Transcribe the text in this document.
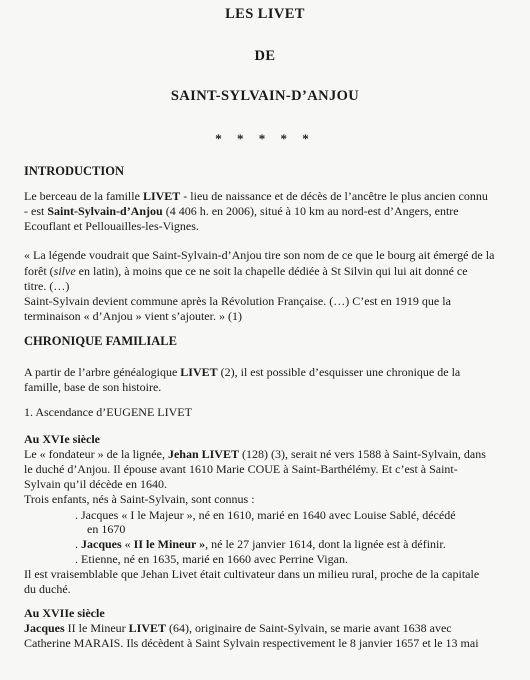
LES LIVET
DE
SAINT-SYLVAIN-D’ANJOU
* * * * *
INTRODUCTION
Le berceau de la famille LIVET - lieu de naissance et de décès de l’ancêtre le plus ancien connu
- est Saint-Sylvain-d’Anjou (4 406 h. en 2006), situé à 10 km au nord-est d’Angers, entre
Ecouflant et Pellouailles-les-Vignes.
« La légende voudrait que Saint-Sylvain-d’Anjou tire son nom de ce que le bourg ait émergé de la
forêt (silve en latin), à moins que ce ne soit la chapelle dédiée à St Silvin qui lui ait donné ce
titre. (…)
Saint-Sylvain devient commune après la Révolution Française. (…) C’est en 1919 que la
terminaison « d’Anjou » vient s’ajouter. » (1)
CHRONIQUE FAMILIALE
A partir de l’arbre généalogique LIVET (2), il est possible d’esquisser une chronique de la
famille, base de son histoire.
1. Ascendance d’EUGENE LIVET
Au XVIe siècle
Le « fondateur » de la lignée, Jehan LIVET (128) (3), serait né vers 1588 à Saint-Sylvain, dans
le duché d’Anjou. Il épouse avant 1610 Marie COUE à Saint-Barthélémy. Et c’est à Saint-
Sylvain qu’il décède en 1640.
Trois enfants, nés à Saint-Sylvain, sont connus :
. Jacques « I le Majeur », né en 1610, marié en 1640 avec Louise Sablé, décédé
en 1670
. Jacques « II le Mineur », né le 27 janvier 1614, dont la lignée est à définir.
. Etienne, né en 1635, marié en 1660 avec Perrine Vigan.
Il est vraisemblable que Jehan Livet était cultivateur dans un milieu rural, proche de la capitale
du duché.
Au XVIIe siècle
Jacques II le Mineur LIVET (64), originaire de Saint-Sylvain, se marie avant 1638 avec
Catherine MARAIS. Ils décèdent à Saint Sylvain respectivement le 8 janvier 1657 et le 13 mai
